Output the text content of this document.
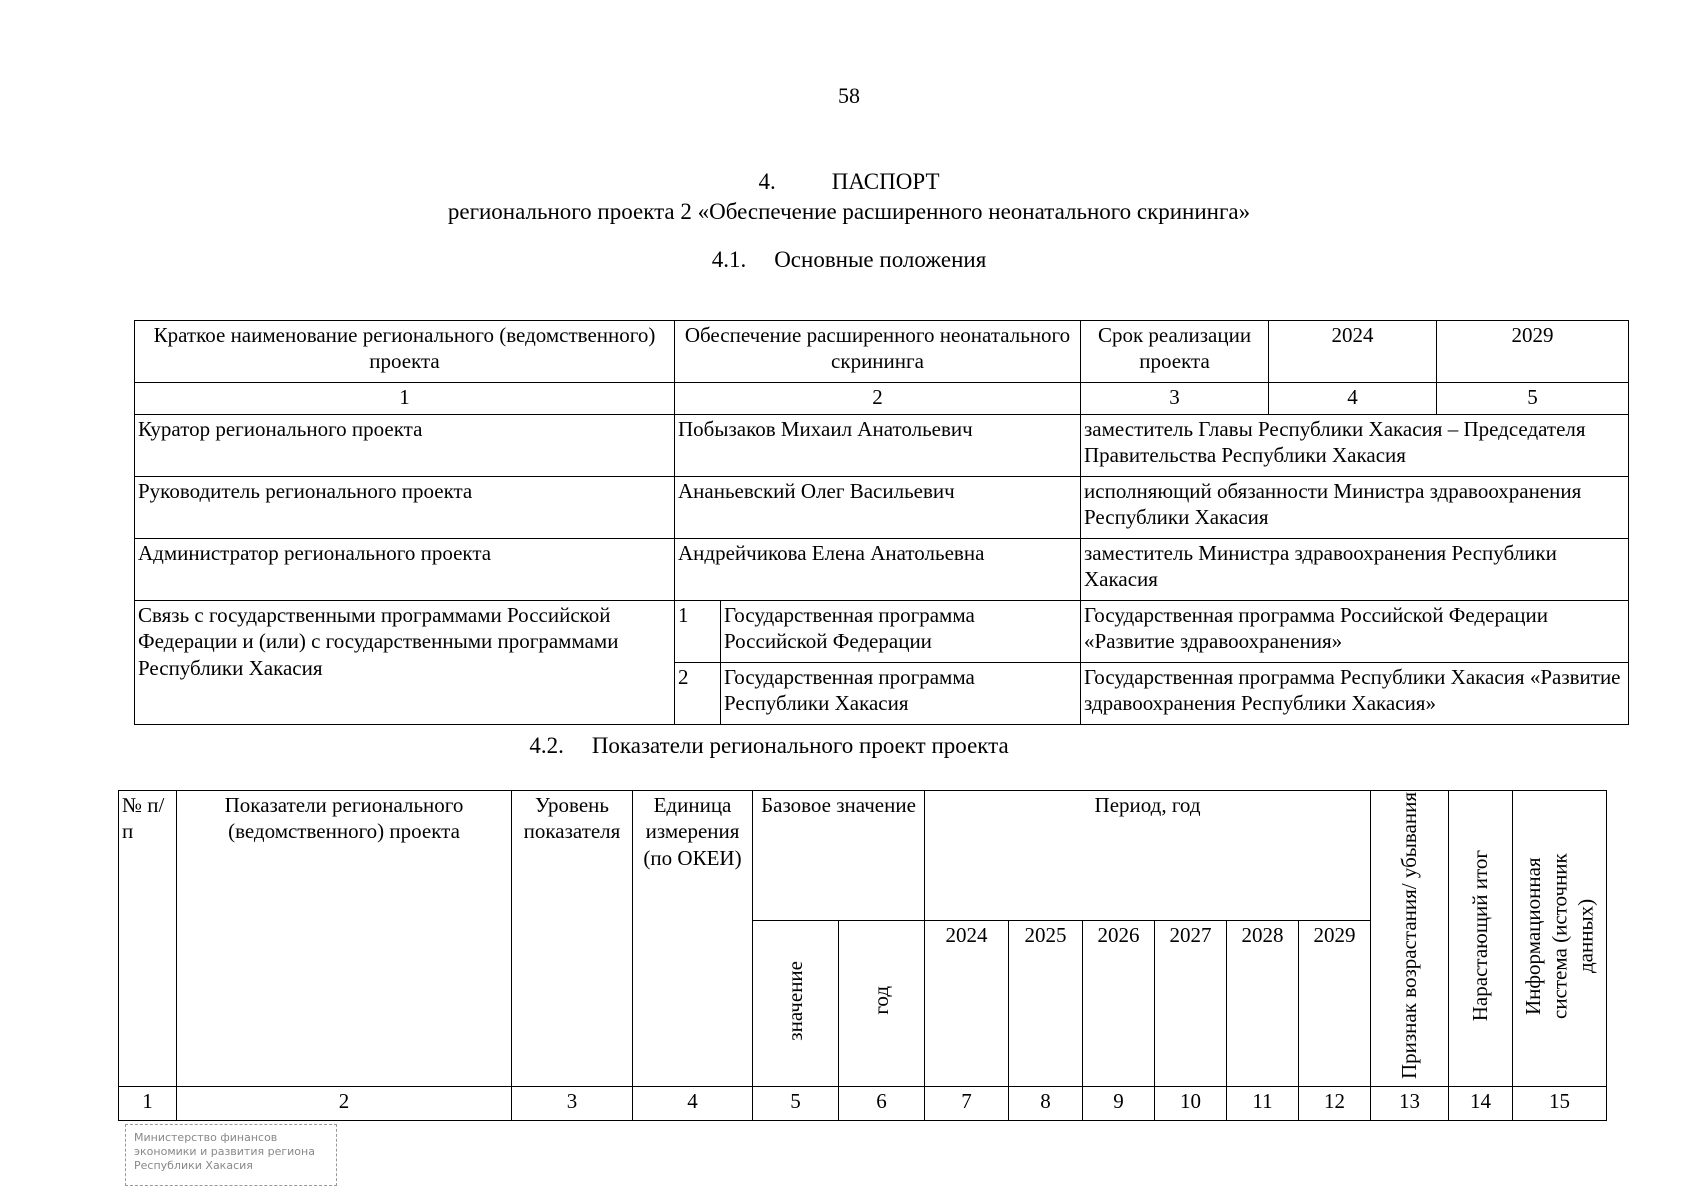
58
4. ПАСПОРТ
регионального проекта 2 «Обеспечение расширенного неонатального скрининга»
4.1. Основные положения
Краткое наименование регионального (ведомственного) проекта	Обеспечение расширенного неонатального скрининга		Срок реализации проекта	2024	2029
1	2		3	4	5
Куратор регионального проекта	Побызаков Михаил Анатольевич		заместитель Главы Республики Хакасия – Председателя Правительства Республики Хакасия		
Руководитель регионального проекта	Ананьевский Олег Васильевич		исполняющий обязанности Министра здравоохранения Республики Хакасия		
Администратор регионального проекта	Андрейчикова Елена Анатольевна		заместитель Министра здравоохранения Республики Хакасия		
Связь с государственными программами Российской Федерации и (или) с государственными программами Республики Хакасия	1	Государственная программа Российской Федерации	Государственная программа Российской Федерации «Развитие здравоохранения»		
	2	Государственная программа Республики Хакасия	Государственная программа Республики Хакасия «Развитие здравоохранения Республики Хакасия»		
4.2. Показатели регионального проект проекта
№ п/п	Показатели регионального (ведомственного) проекта	Уровень показателя	Единица измерения (по ОКЕИ)	Базовое значение		Период, год						Признак возрастания/ убывания	Нарастающий итог	Информационная система (источник данных)
				значение	год	2024	2025	2026	2027	2028	2029			
1	2	3	4	5	6	7	8	9	10	11	12	13	14	15
Министерство финансов
экономики и развития региона
Республики Хакасия
